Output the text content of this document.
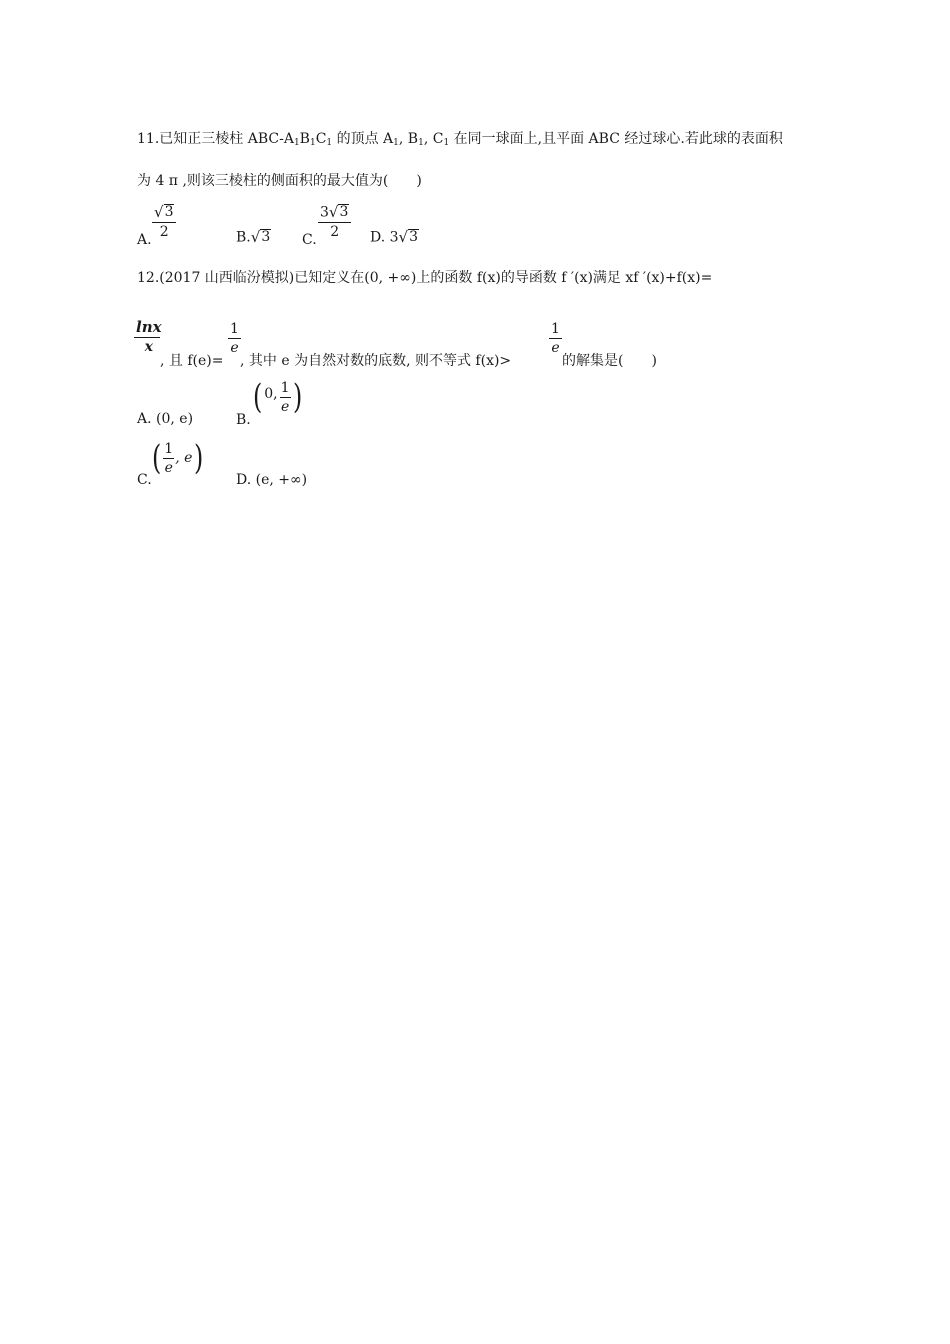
11.已知正三棱柱 ABC-$A_1B_1C_1$ 的顶点 $A_1$, $B_1$, $C_1$ 在同一球面上,且平面 ABC 经过球心.若此球的表面积
为 4 π ,则该三棱柱的侧面积的最大值为(　　)
A.
√ 3
2	B. √ 3 C.
3 √ 3
2 D. 3 √ 3
12.(2017 山西临汾模拟)已知定义在(0, +∞)上的函数 f(x)的导函数 f ′(x)满足 xf ′(x)+f(x)=
lnx
x
, 且 f(e)=
1
e
, 其中 e 为自然对数的底数, 则不等式 f(x)>
1
e
的解集是(　　)
A. (0, e)	B.
( 0, 1
e )
C.
( 1
e
, e )
D. (e, +∞)
